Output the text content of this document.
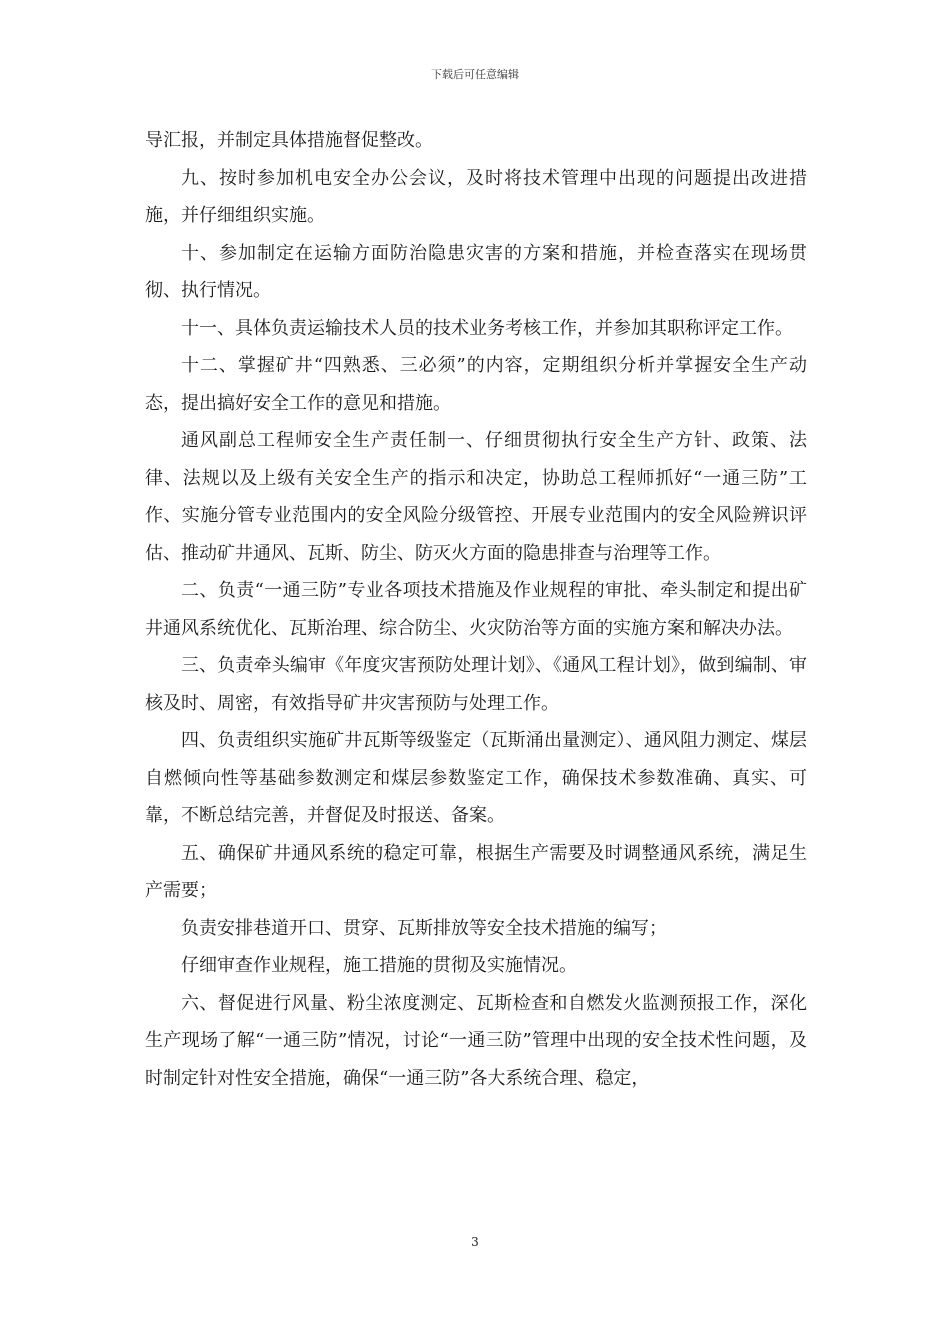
下载后可任意编辑

导汇报，并制定具体措施督促整改。

九、按时参加机电安全办公会议，及时将技术管理中出现的问题提出改进措施，并仔细组织实施。

十、参加制定在运输方面防治隐患灾害的方案和措施，并检查落实在现场贯彻、执行情况。

十一、具体负责运输技术人员的技术业务考核工作，并参加其职称评定工作。

十二、掌握矿井“四熟悉、三必须”的内容，定期组织分析并掌握安全生产动态，提出搞好安全工作的意见和措施。

通风副总工程师安全生产责任制一、仔细贯彻执行安全生产方针、政策、法律、法规以及上级有关安全生产的指示和决定，协助总工程师抓好“一通三防”工作、实施分管专业范围内的安全风险分级管控、开展专业范围内的安全风险辨识评估、推动矿井通风、瓦斯、防尘、防灭火方面的隐患排查与治理等工作。

二、负责“一通三防”专业各项技术措施及作业规程的审批、牵头制定和提出矿井通风系统优化、瓦斯治理、综合防尘、火灾防治等方面的实施方案和解决办法。

三、负责牵头编审《年度灾害预防处理计划》、《通风工程计划》，做到编制、审核及时、周密，有效指导矿井灾害预防与处理工作。

四、负责组织实施矿井瓦斯等级鉴定（瓦斯涌出量测定）、通风阻力测定、煤层自燃倾向性等基础参数测定和煤层参数鉴定工作，确保技术参数准确、真实、可靠，不断总结完善，并督促及时报送、备案。

五、确保矿井通风系统的稳定可靠，根据生产需要及时调整通风系统，满足生产需要；

负责安排巷道开口、贯穿、瓦斯排放等安全技术措施的编写；

仔细审查作业规程，施工措施的贯彻及实施情况。

六、督促进行风量、粉尘浓度测定、瓦斯检查和自燃发火监测预报工作，深化生产现场了解“一通三防”情况，讨论“一通三防”管理中出现的安全技术性问题，及时制定针对性安全措施，确保“一通三防”各大系统合理、稳定，

3
